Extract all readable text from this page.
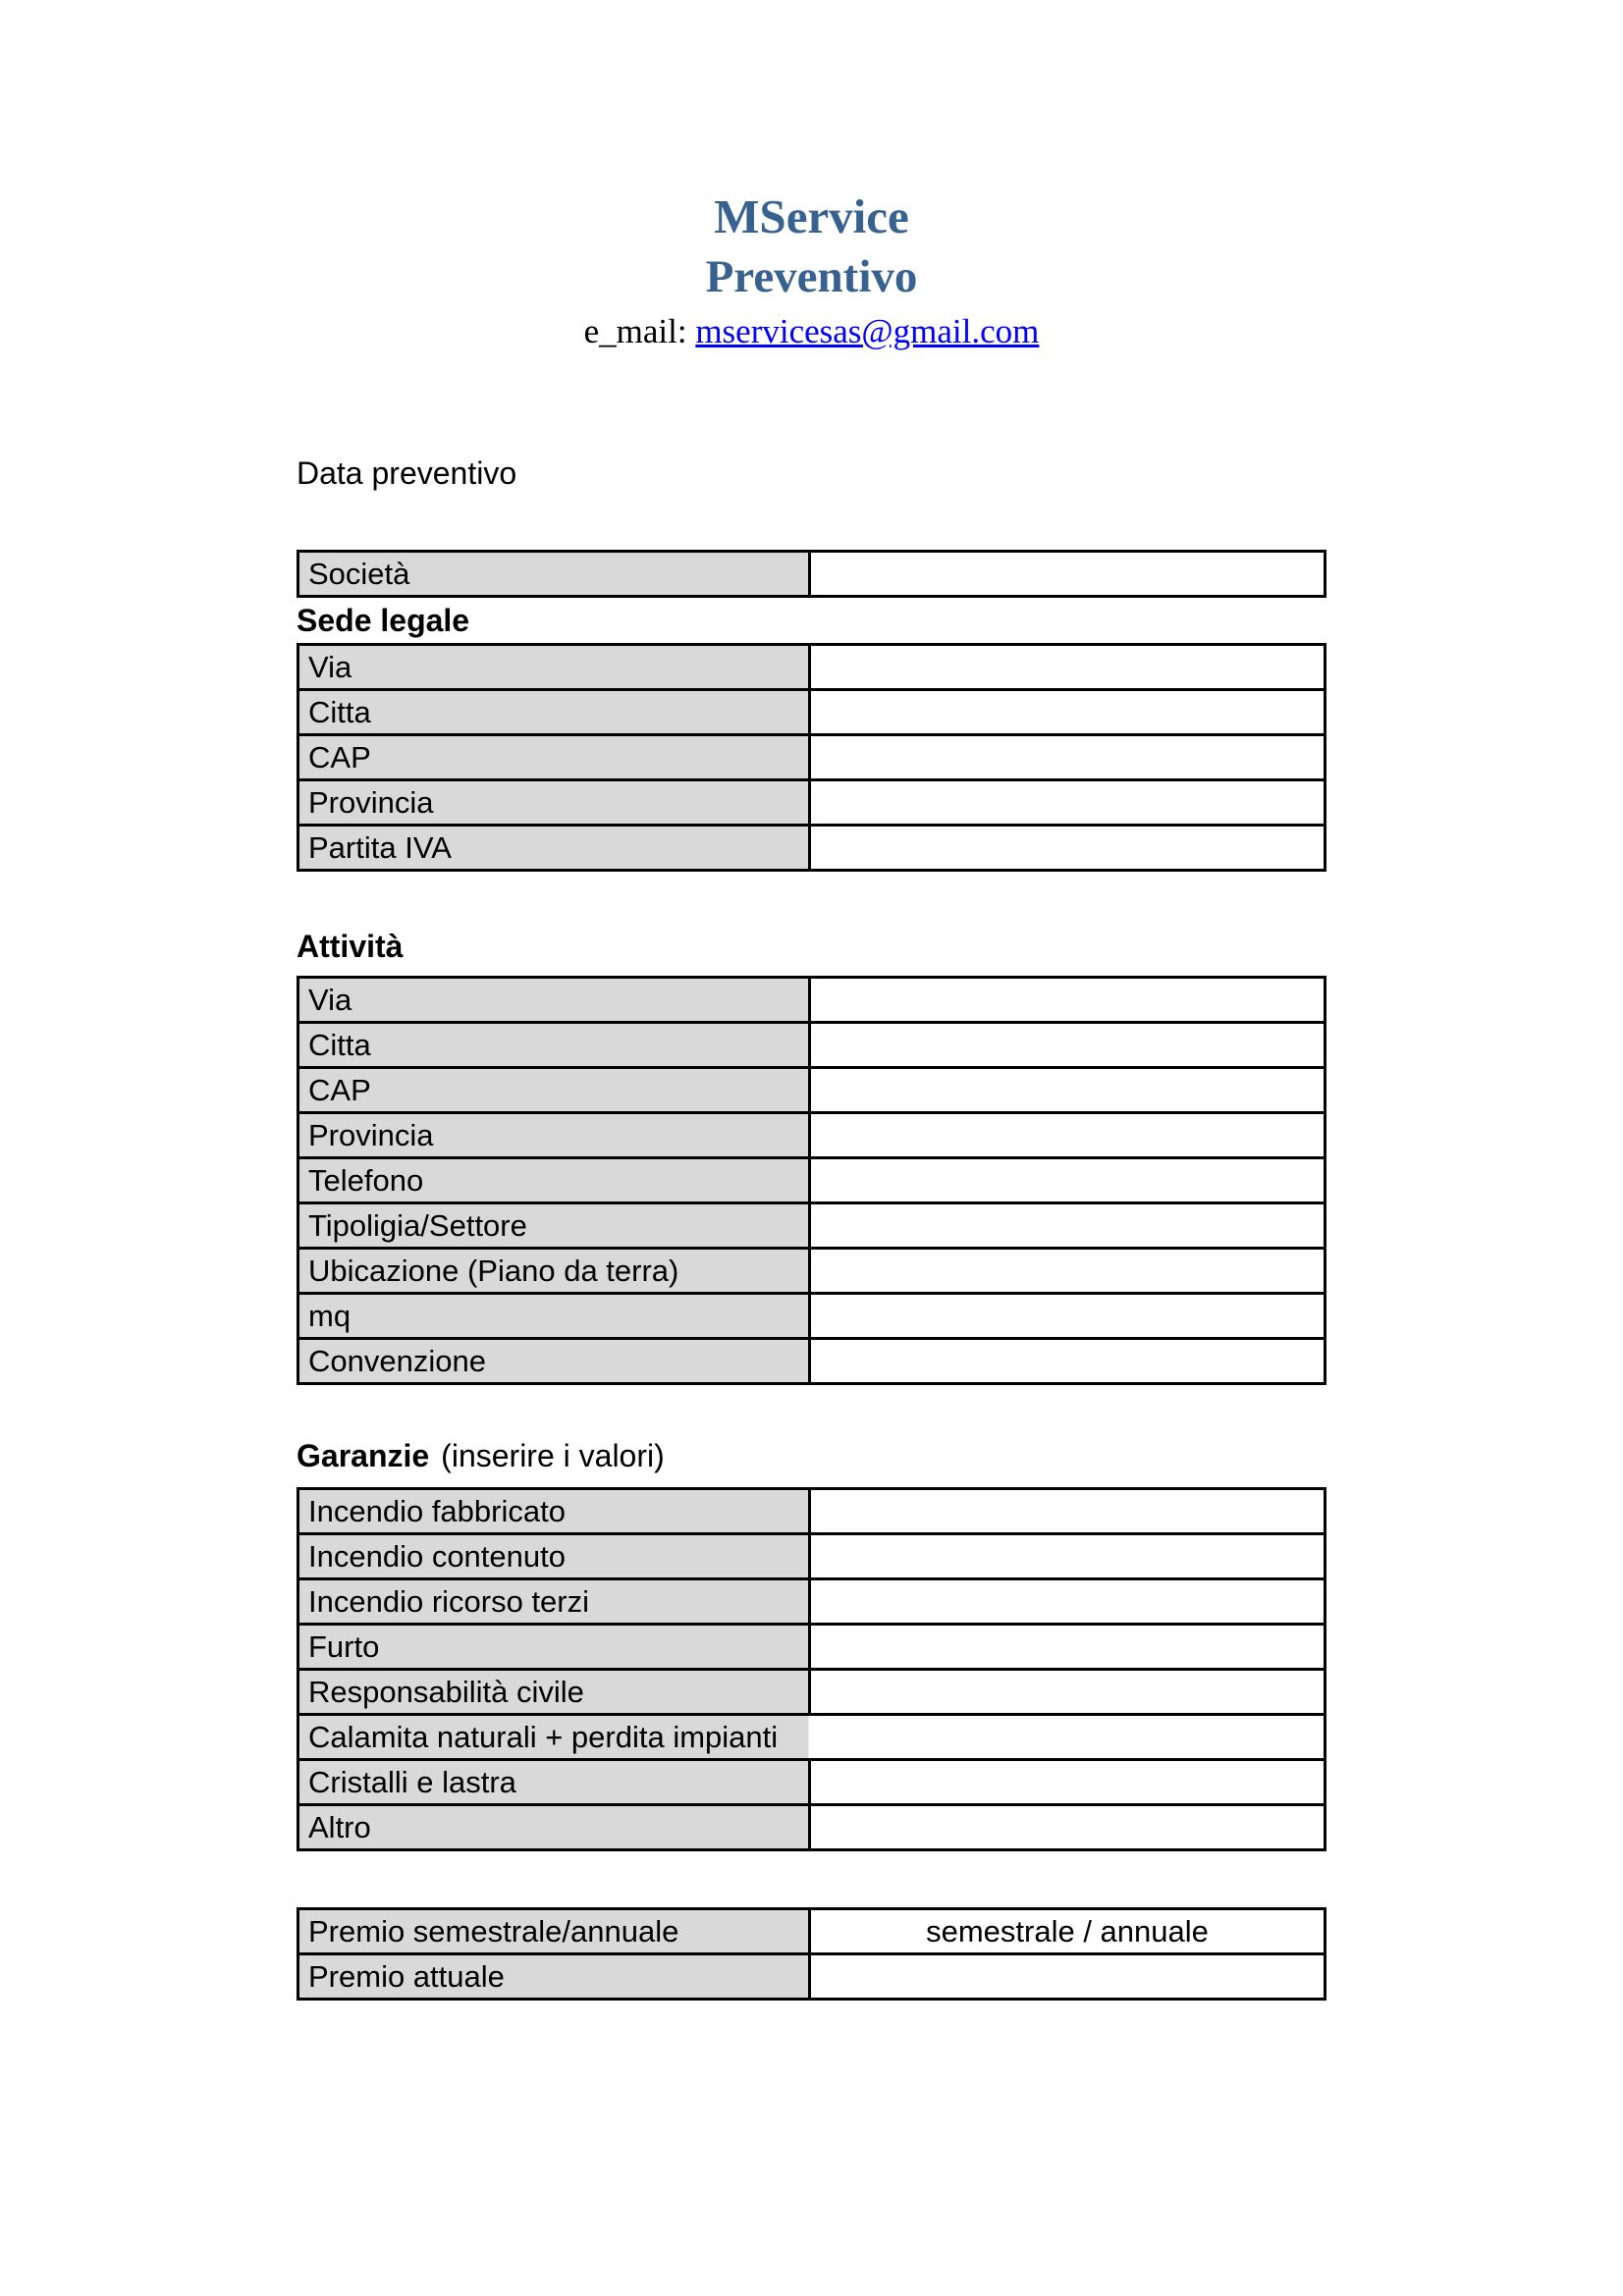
MService
Preventivo
e_mail: mservicesas@gmail.com
Data preventivo
Società	
Sede legale
Via	
Citta	
CAP	
Provincia	
Partita IVA	
Attività
Via	
Citta	
CAP	
Provincia	
Telefono	
Tipoligia/Settore	
Ubicazione (Piano da terra)	
mq	
Convenzione	
Garanzie (inserire i valori)
Incendio fabbricato	
Incendio contenuto	
Incendio ricorso terzi	
Furto	
Responsabilità civile	
Calamita naturali + perdita impianti	
Cristalli e lastra	
Altro	
Premio semestrale/annuale	semestrale / annuale
Premio attuale	
